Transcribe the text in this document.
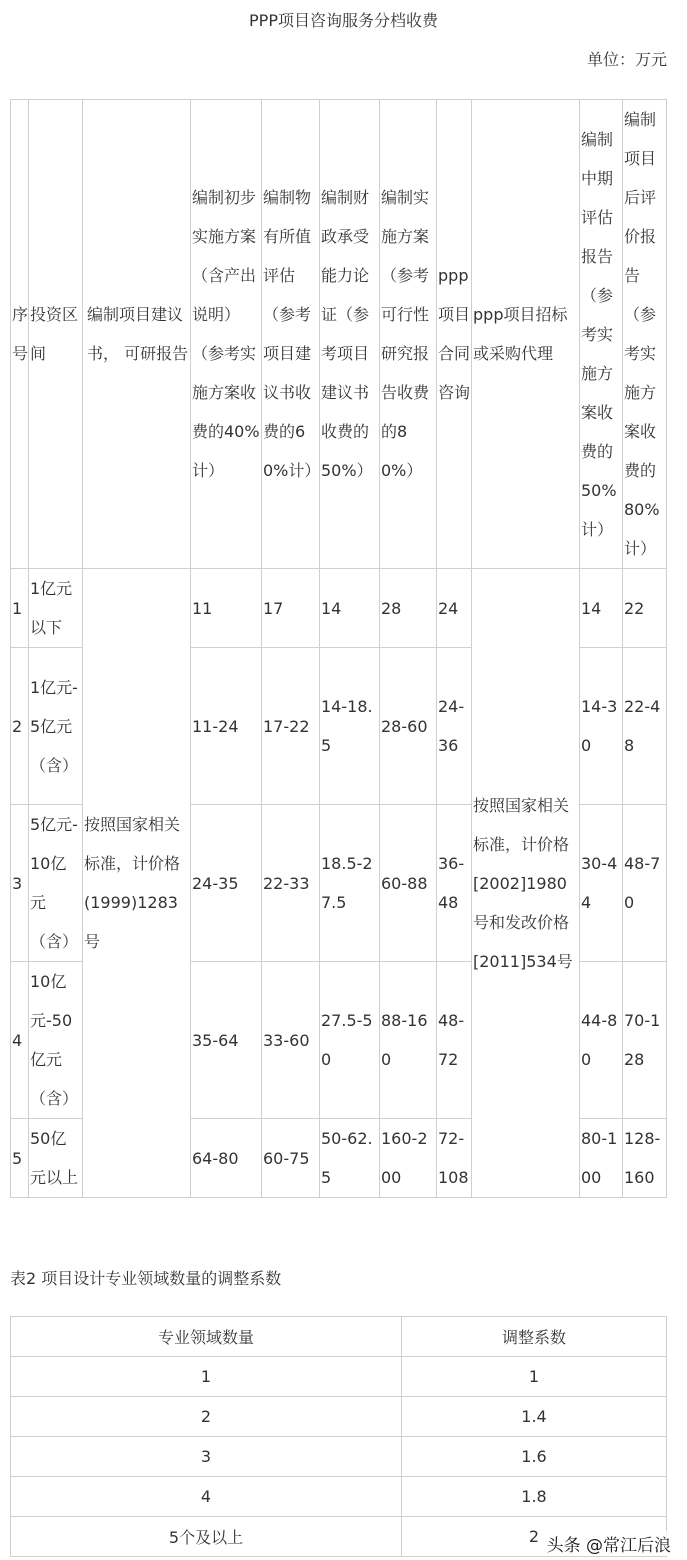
PPP项目咨询服务分档收费
单位：万元
序号	投资区间	编制项目建议书， 可研报告	编制初步实施方案（含产出说明）（参考实施方案收费的40%计）	编制物有所值评估（参考项目建议书收费的60%计）	编制财政承受能力论证（参考项目建议书收费的50%）	编制实施方案（参考可行性研究报告收费的80%）	ppp项目合同咨询	ppp项目招标或采购代理	编制中期评估报告（参考实施方案收费的50%计）	编制项目后评价报告（参考实施方案收费的80%计）
1	1亿元以下	按照国家相关标准，计价格(1999)1283号	11	17	14	28	24	按照国家相关标准，计价格[2002]1980号和发改价格[2011]534号	14	22
2	1亿元-5亿元（含）		11-24	17-22	14-18.5	28-60	24-36		14-30	22-48
3	5亿元-10亿元（含）		24-35	22-33	18.5-27.5	60-88	36-48		30-44	48-70
4	10亿元-50亿元（含）		35-64	33-60	27.5-50	88-160	48-72		44-80	70-128
5	50亿元以上		64-80	60-75	50-62.5	160-200	72-108		80-100	128-160
表2 项目设计专业领域数量的调整系数
专业领域数量	调整系数
1	1
2	1.4
3	1.6
4	1.8
5个及以上	2 头条 @常江后浪
